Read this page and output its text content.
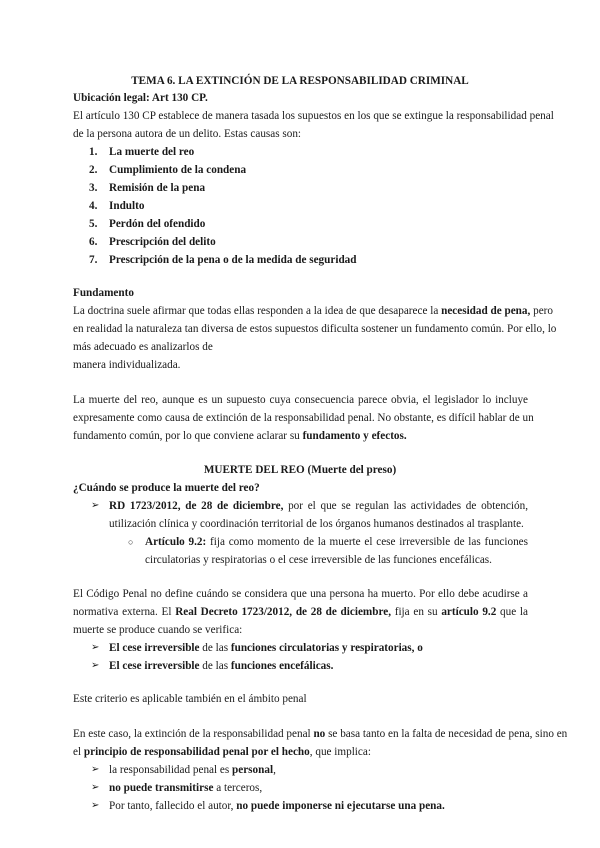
TEMA 6. LA EXTINCIÓN DE LA RESPONSABILIDAD CRIMINAL
Ubicación legal: Art 130 CP.
El artículo 130 CP establece de manera tasada los supuestos en los que se extingue la responsabilidad penal
de la persona autora de un delito. Estas causas son:
1. La muerte del reo
2. Cumplimiento de la condena
3. Remisión de la pena
4. Indulto
5. Perdón del ofendido
6. Prescripción del delito
7. Prescripción de la pena o de la medida de seguridad
Fundamento
La doctrina suele afirmar que todas ellas responden a la idea de que desaparece la necesidad de pena, pero
en realidad la naturaleza tan diversa de estos supuestos dificulta sostener un fundamento común. Por ello, lo
más adecuado es analizarlos de
manera individualizada.
La muerte del reo, aunque es un supuesto cuya consecuencia parece obvia, el legislador lo incluye
expresamente como causa de extinción de la responsabilidad penal. No obstante, es difícil hablar de un
fundamento común, por lo que conviene aclarar su fundamento y efectos.
MUERTE DEL REO (Muerte del preso)
¿Cuándo se produce la muerte del reo?
➢ RD 1723/2012, de 28 de diciembre, por el que se regulan las actividades de obtención,
utilización clínica y coordinación territorial de los órganos humanos destinados al trasplante.
○ Artículo 9.2: fija como momento de la muerte el cese irreversible de las funciones
circulatorias y respiratorias o el cese irreversible de las funciones encefálicas.
El Código Penal no define cuándo se considera que una persona ha muerto. Por ello debe acudirse a
normativa externa. El Real Decreto 1723/2012, de 28 de diciembre, fija en su artículo 9.2 que la
muerte se produce cuando se verifica:
➢ El cese irreversible de las funciones circulatorias y respiratorias, o
➢ El cese irreversible de las funciones encefálicas.
Este criterio es aplicable también en el ámbito penal
En este caso, la extinción de la responsabilidad penal no se basa tanto en la falta de necesidad de pena, sino en
el principio de responsabilidad penal por el hecho, que implica:
➢ la responsabilidad penal es personal,
➢ no puede transmitirse a terceros,
➢ Por tanto, fallecido el autor, no puede imponerse ni ejecutarse una pena.
